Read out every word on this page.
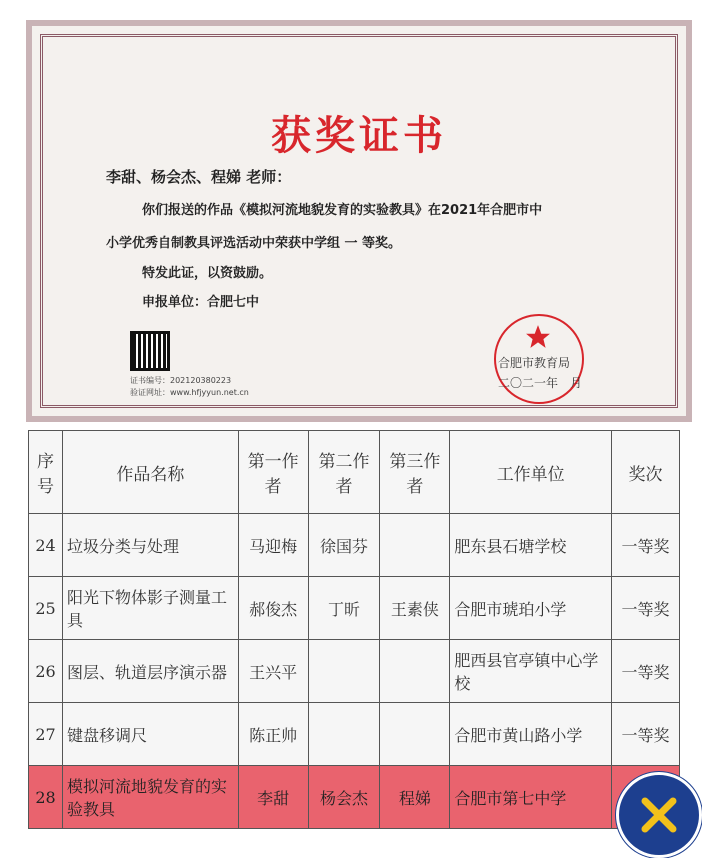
获奖证书
李甜、杨会杰、程娣 老师：
你们报送的作品《模拟河流地貌发育的实验教具》在2021年合肥市中
小学优秀自制教具评选活动中荣获中学组 一 等奖。
特发此证，以资鼓励。
申报单位：合肥七中
证书编号：202120380223
验证网址：www.hfjyyun.net.cn
合肥市教育局
二〇二一年　月
序号	作品名称	第一作者	第二作者	第三作者	工作单位	奖次
24	垃圾分类与处理	马迎梅	徐国芬		肥东县石塘学校	一等奖
25	阳光下物体影子测量工具	郝俊杰	丁昕	王素侠	合肥市琥珀小学	一等奖
26	图层、轨道层序演示器	王兴平			肥西县官亭镇中心学校	一等奖
27	键盘移调尺	陈正帅			合肥市黄山路小学	一等奖
28	模拟河流地貌发育的实验教具	李甜	杨会杰	程娣	合肥市第七中学	
